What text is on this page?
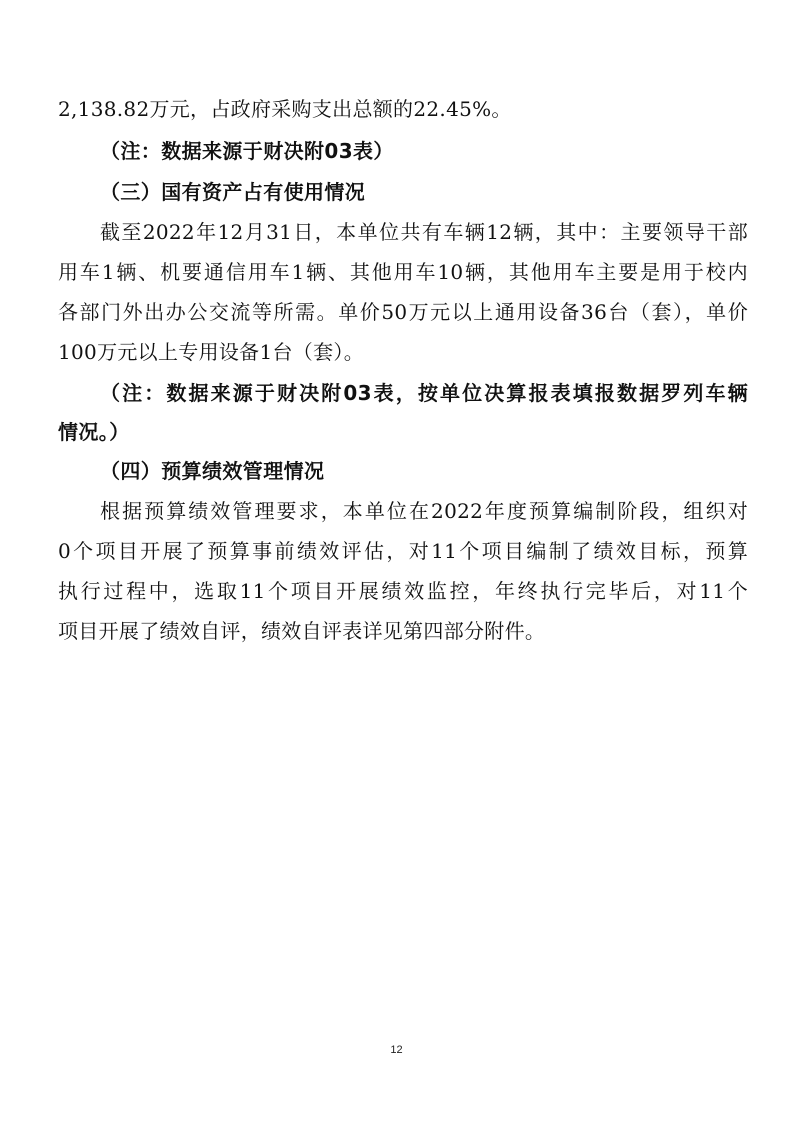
2,138.82万元，占政府采购支出总额的22.45%。
（注：数据来源于财决附03表）
（三）国有资产占有使用情况
截至2022年12月31日，本单位共有车辆12辆，其中：主要领导干部
用车1辆、机要通信用车1辆、其他用车10辆，其他用车主要是用于校内
各部门外出办公交流等所需。单价50万元以上通用设备36台（套），单价
100万元以上专用设备1台（套）。
（注：数据来源于财决附03表，按单位决算报表填报数据罗列车辆
情况。）
（四）预算绩效管理情况
根据预算绩效管理要求，本单位在2022年度预算编制阶段，组织对
0个项目开展了预算事前绩效评估，对11个项目编制了绩效目标，预算
执行过程中，选取11个项目开展绩效监控，年终执行完毕后，对11个
项目开展了绩效自评，绩效自评表详见第四部分附件。
12
